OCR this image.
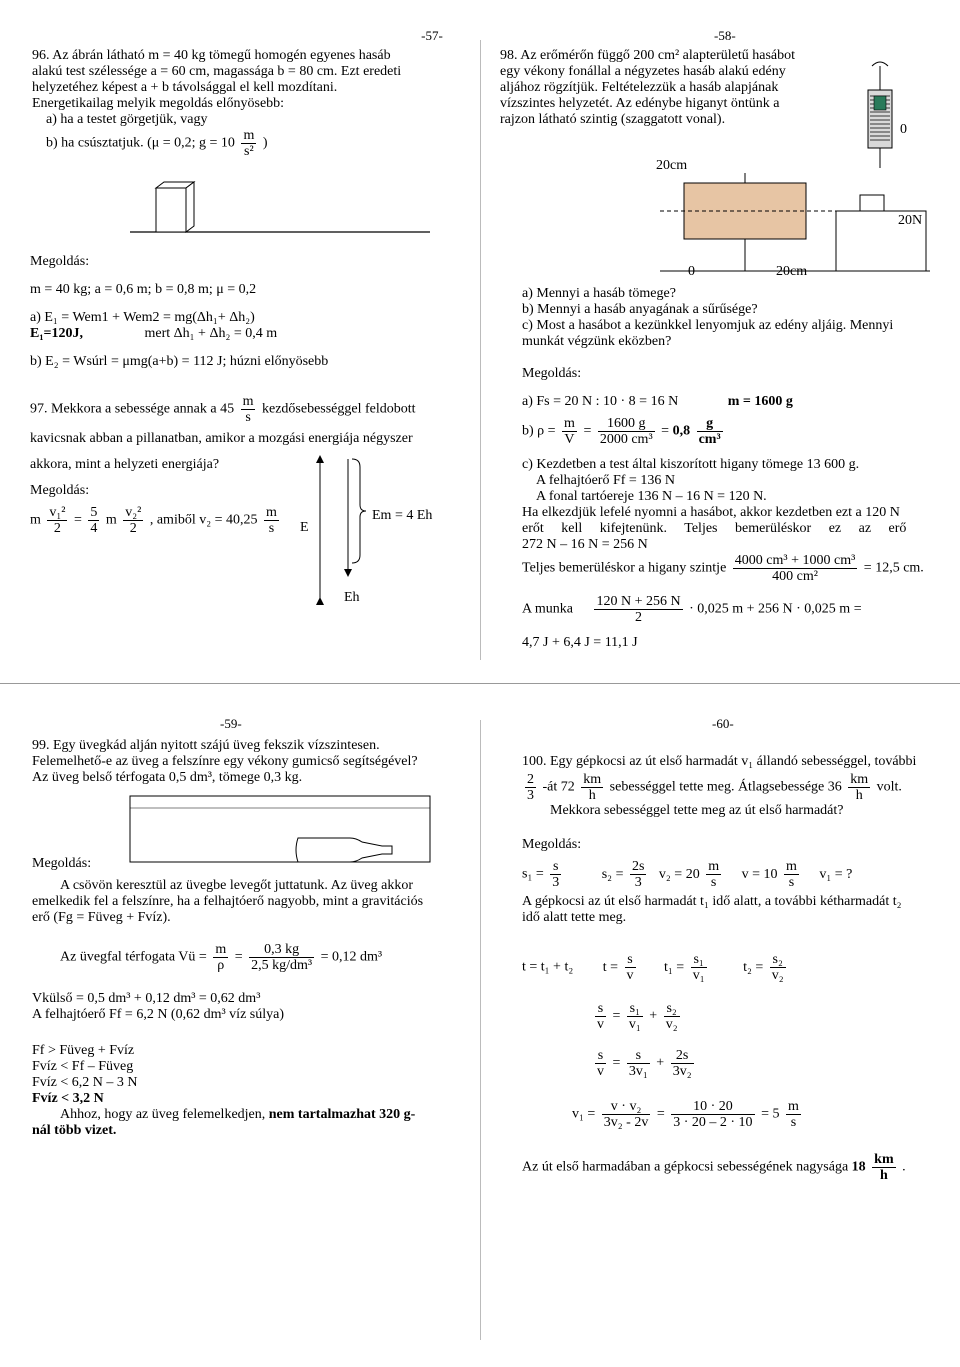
-57-
96. Az ábrán látható m = 40 kg tömegű homogén egyenes hasáb
alakú test szélessége a = 60 cm, magassága b = 80 cm. Ezt eredeti
helyzetéhez képest a + b távolsággal el kell mozdítani.
Energetikailag melyik megoldás előnyösebb:
a) ha a testet görgetjük, vagy
b) ha csúsztatjuk. (μ = 0,2; $g = 10 \frac{m}{\text{s²}}$ )
Megoldás:
m = 40 kg; a = 0,6 m; b = 0,8 m; μ = 0,2
a) E₁ = Wem1 + Wem2 = mg(Δh₁+ Δh₂)
E₁=120J,	mert Δh₁ + Δh₂ = 0,4 m
b) E₂ = Wsúrl = μmg(a+b) = 112 J; húzni előnyösebb
97. Mekkora a sebessége annak a $45 \frac{m}{s}$ kezdősebességgel feldobott
kavicsnak abban a pillanatban, amikor a mozgási energiája négyszer
akkora, mint a helyzeti energiája?
Megoldás:
m $\frac{\text{v₁²}}{2} = \frac{5}{4}$ m $\frac{\text{v₂²}}{2}$ , amiből $v_2 = 40,25 \frac{m}{s}$ E
Em = 4 Eh
Eh
-58-
98. Az erőmérőn függő 200 cm² alapterületű hasábot
egy vékony fonállal a négyzetes hasáb alakú edény
aljához rögzítjük. Feltételezzük a hasáb alapjának
vízszintes helyzetét. Az edénybe higanyt öntünk a
rajzon látható szintig (szaggatott vonal).
0
20cm
20N
0	20cm
a) Mennyi a hasáb tömege?
b) Mennyi a hasáb anyagának a sűrűsége?
c) Most a hasábot a kezünkkel lenyomjuk az edény aljáig. Mennyi
munkát végzünk eközben?
Megoldás:
a) Fs = 20 N : 10 · 8 = 16 N	m = 1600 g
b) $\rho = \frac{m}{V} = \frac{1600 g}{\text{2000 cm³}} = 0,8 \frac{g}{\text{cm³}}$
c) Kezdetben a test által kiszorított higany tömege 13 600 g.
A felhajtóerő Ff = 136 N
A fonal tartóereje 136 N – 16 N = 120 N.
Ha elkezdjük lefelé nyomni a hasábot, akkor kezdetben ezt a 120 N
erőt kell kifejtenünk. Teljes bemerüléskor ez az erő
272 N – 16 N = 256 N
Teljes bemerüléskor a higany szintje $\frac{\text{4000 cm³ + 1000 cm³}}{\text{400 cm²}} = 12,5$ cm.
A munka $\frac{120 N + 256 N}{2} \cdot 0,025$ m + 256 N · 0,025 m =
4,7 J + 6,4 J = 11,1 J
-59-
99. Egy üvegkád alján nyitott szájú üveg fekszik vízszintesen.
Felemelhető-e az üveg a felszínre egy vékony gumicső segítségével?
Az üveg belső térfogata 0,5 dm³, tömege 0,3 kg.
Megoldás:
A csövön keresztül az üvegbe levegőt juttatunk. Az üveg akkor
emelkedik fel a felszínre, ha a felhajtóerő nagyobb, mint a gravitációs
erő (Fg = Füveg + Fvíz).
Az üvegfal térfogata Vü = $\frac{m}{\rho} = \frac{0,3 kg}{\text{2,5 kg/dm³}} = 0,12$ dm³
Vkülső = 0,5 dm³ + 0,12 dm³ = 0,62 dm³
A felhajtóerő Ff = 6,2 N (0,62 dm³ víz súlya)
Ff > Füveg + Fvíz
Fvíz < Ff – Füveg
Fvíz < 6,2 N – 3 N
Fvíz < 3,2 N
Ahhoz, hogy az üveg felemelkedjen, nem tartalmazhat 320 g-
nál több vizet.
-60-
100. Egy gépkocsi az út első harmadát v₁ állandó sebességgel, további
$\frac{2}{3}$ -át $72 \frac{km}{h}$ sebességgel tette meg. Átlagsebessége $36 \frac{km}{h}$ volt.
Mekkora sebességgel tette meg az út első harmadát?
Megoldás:
$s_1 = \frac{s}{3}$	$s_2 = \frac{2s}{3} v_2 = 20 \frac{m}{s}$ $v = 10 \frac{m}{s} v_1$ = ?
A gépkocsi az út első harmadát t₁ idő alatt, a további kétharmadát t₂
idő alatt tette meg.
t = t₁ + t₂ $t = \frac{s}{v} t_1 = \frac{\text{s₁}}{\text{v₁}}$	$t_2 = \frac{\text{s₂}}{\text{v₂}}$
$\frac{s}{v} = \frac{\text{s₁}}{\text{v₁}} + \frac{\text{s₂}}{\text{v₂}}$
$\frac{s}{v} = \frac{s}{\text{3v₁}} + \frac{2s}{\text{3v₂}}$
$v_1 = \frac{\text{v · v₂}}{\text{3v₂ - 2v}} = \frac{10 \cdot 20}{3 \cdot 20 - 2 \cdot 10} = 5 \frac{m}{s}$
Az út első harmadában a gépkocsi sebességének nagysága $18 \frac{km}{h}$ .
